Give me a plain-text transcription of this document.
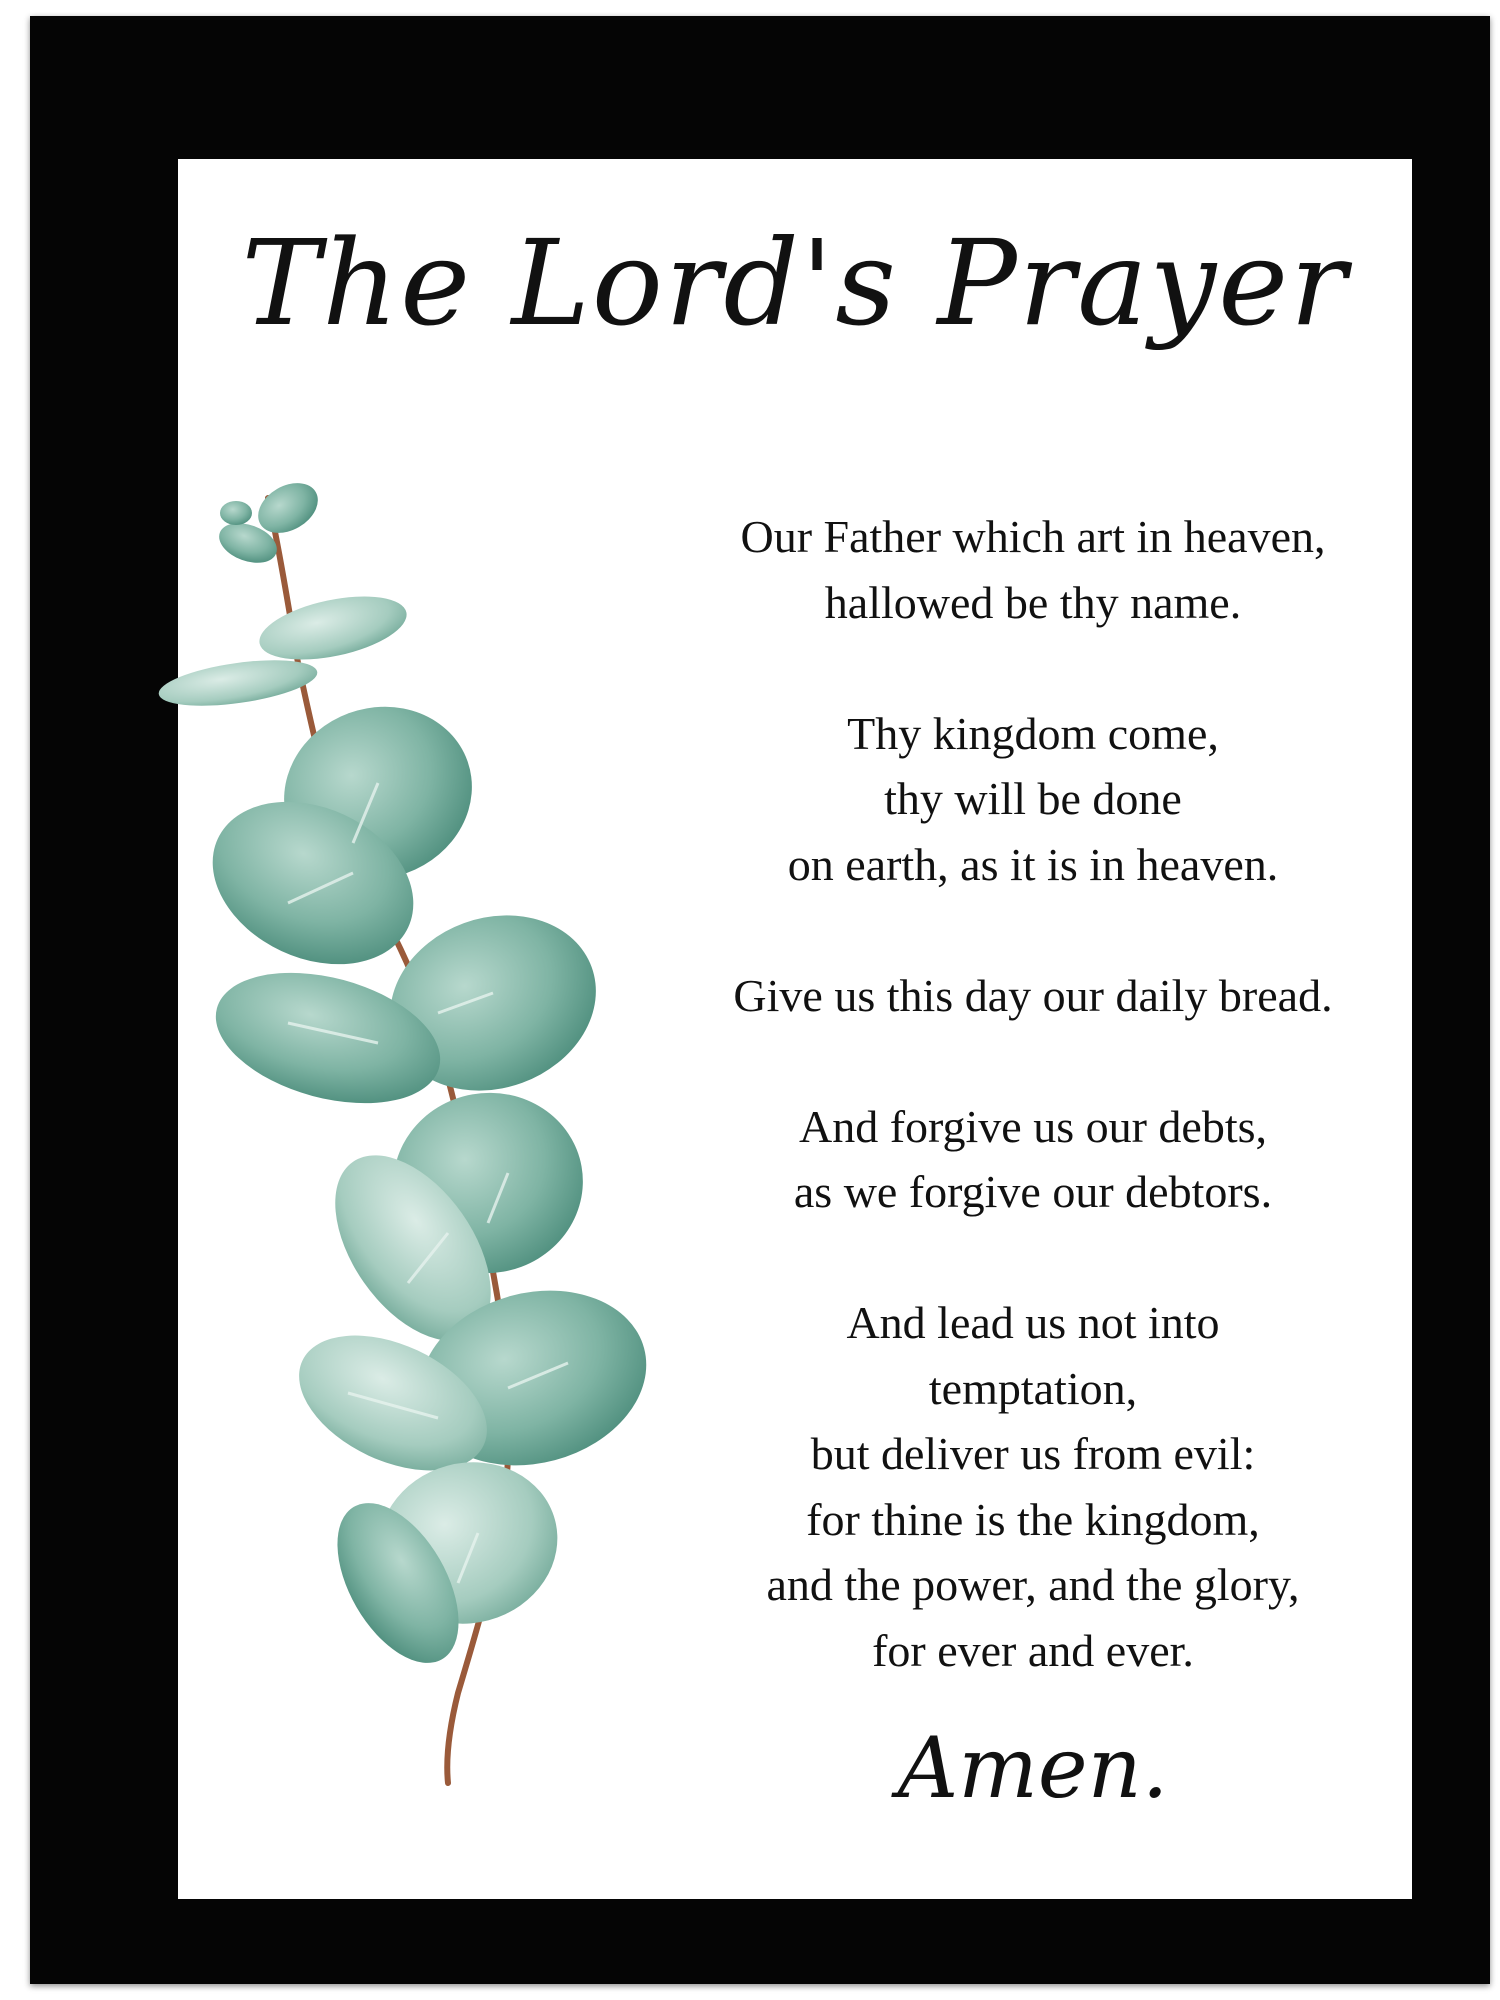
The Lord's Prayer
Our Father which art in heaven,
hallowed be thy name.
Thy kingdom come,
thy will be done
on earth, as it is in heaven.
Give us this day our daily bread.
And forgive us our debts,
as we forgive our debtors.
And lead us not into
temptation,
but deliver us from evil:
for thine is the kingdom,
and the power, and the glory,
for ever and ever.
Amen.
